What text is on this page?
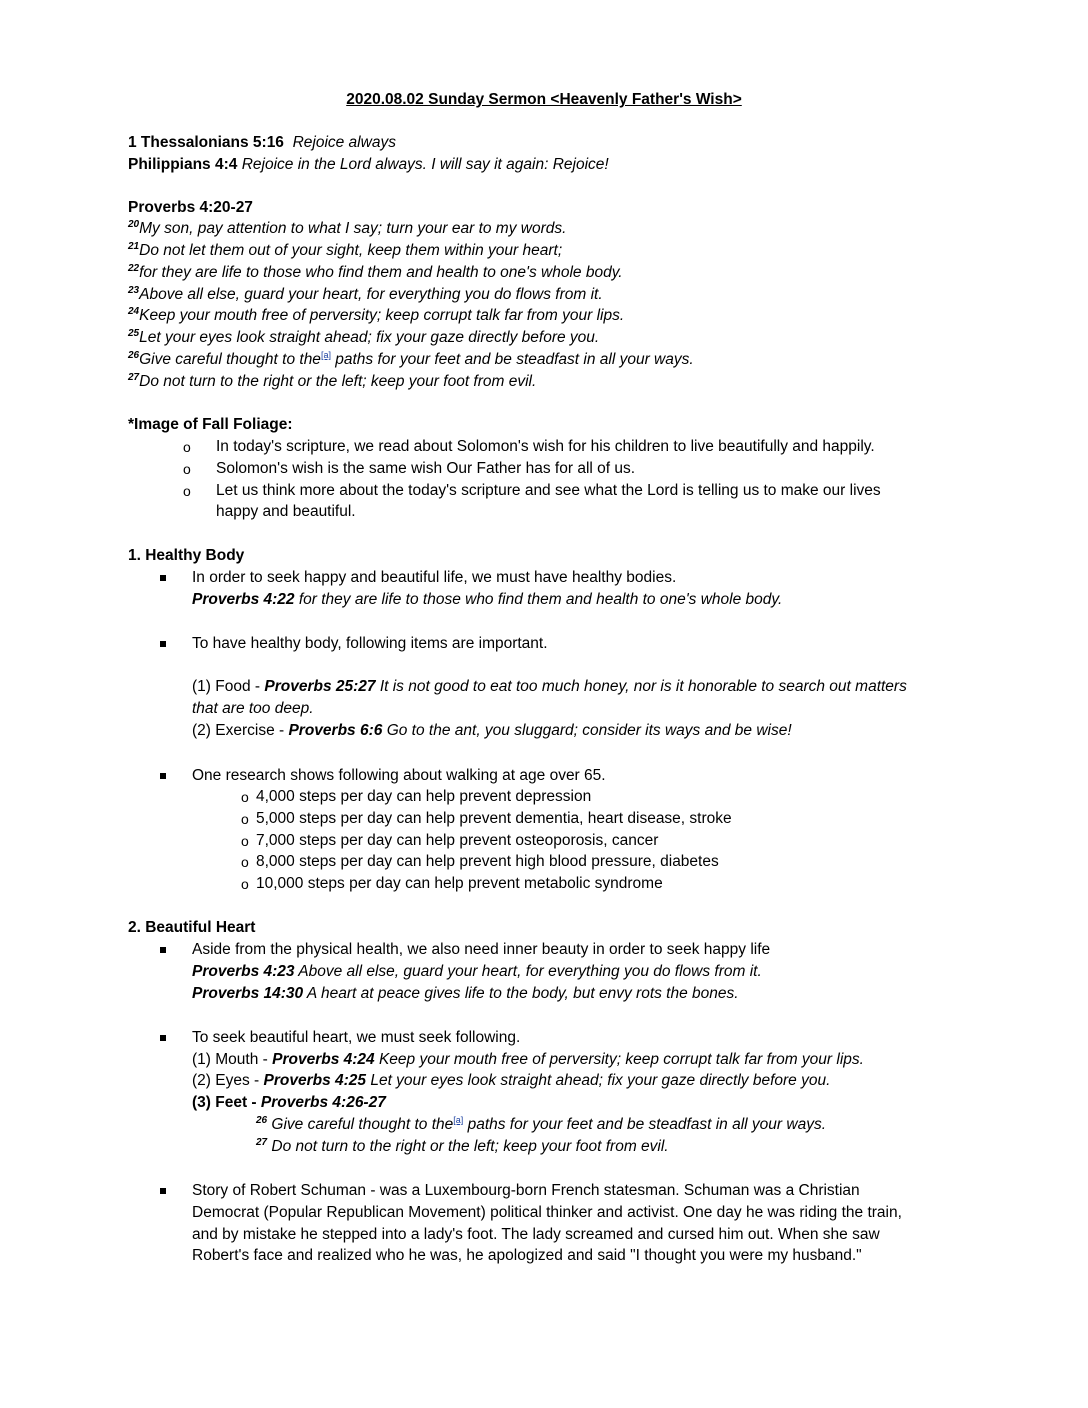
2020.08.02 Sunday Sermon <Heavenly Father's Wish>
1 Thessalonians 5:16 Rejoice always
Philippians 4:4 Rejoice in the Lord always. I will say it again: Rejoice!
Proverbs 4:20-27
$^{20}$My son, pay attention to what I say; turn your ear to my words.
$^{21}$Do not let them out of your sight, keep them within your heart;
$^{22}$for they are life to those who find them and health to one's whole body.
$^{23}$Above all else, guard your heart, for everything you do flows from it.
$^{24}$Keep your mouth free of perversity; keep corrupt talk far from your lips.
$^{25}$Let your eyes look straight ahead; fix your gaze directly before you.
$^{26}$Give careful thought to the[a] paths for your feet and be steadfast in all your ways.
$^{27}$Do not turn to the right or the left; keep your foot from evil.
*Image of Fall Foliage:
o In today's scripture, we read about Solomon's wish for his children to live beautifully and happily.
o Solomon's wish is the same wish Our Father has for all of us.
o Let us think more about the today's scripture and see what the Lord is telling us to make our lives
happy and beautiful.
1. Healthy Body
In order to seek happy and beautiful life, we must have healthy bodies.
Proverbs 4:22 for they are life to those who find them and health to one's whole body.
To have healthy body, following items are important.
(1) Food - Proverbs 25:27 It is not good to eat too much honey, nor is it honorable to search out matters
that are too deep.
(2) Exercise - Proverbs 6:6 Go to the ant, you sluggard; consider its ways and be wise!
One research shows following about walking at age over 65.
o 4,000 steps per day can help prevent depression
o 5,000 steps per day can help prevent dementia, heart disease, stroke
o 7,000 steps per day can help prevent osteoporosis, cancer
o 8,000 steps per day can help prevent high blood pressure, diabetes
o 10,000 steps per day can help prevent metabolic syndrome
2. Beautiful Heart
Aside from the physical health, we also need inner beauty in order to seek happy life
Proverbs 4:23 Above all else, guard your heart, for everything you do flows from it.
Proverbs 14:30 A heart at peace gives life to the body, but envy rots the bones.
To seek beautiful heart, we must seek following.
(1) Mouth - Proverbs 4:24 Keep your mouth free of perversity; keep corrupt talk far from your lips.
(2) Eyes - Proverbs 4:25 Let your eyes look straight ahead; fix your gaze directly before you.
(3) Feet - Proverbs 4:26-27
$^{26}$ Give careful thought to the[a] paths for your feet and be steadfast in all your ways.
$^{27}$ Do not turn to the right or the left; keep your foot from evil.
Story of Robert Schuman - was a Luxembourg-born French statesman. Schuman was a Christian
Democrat (Popular Republican Movement) political thinker and activist. One day he was riding the train,
and by mistake he stepped into a lady's foot. The lady screamed and cursed him out. When she saw
Robert's face and realized who he was, he apologized and said "I thought you were my husband."
